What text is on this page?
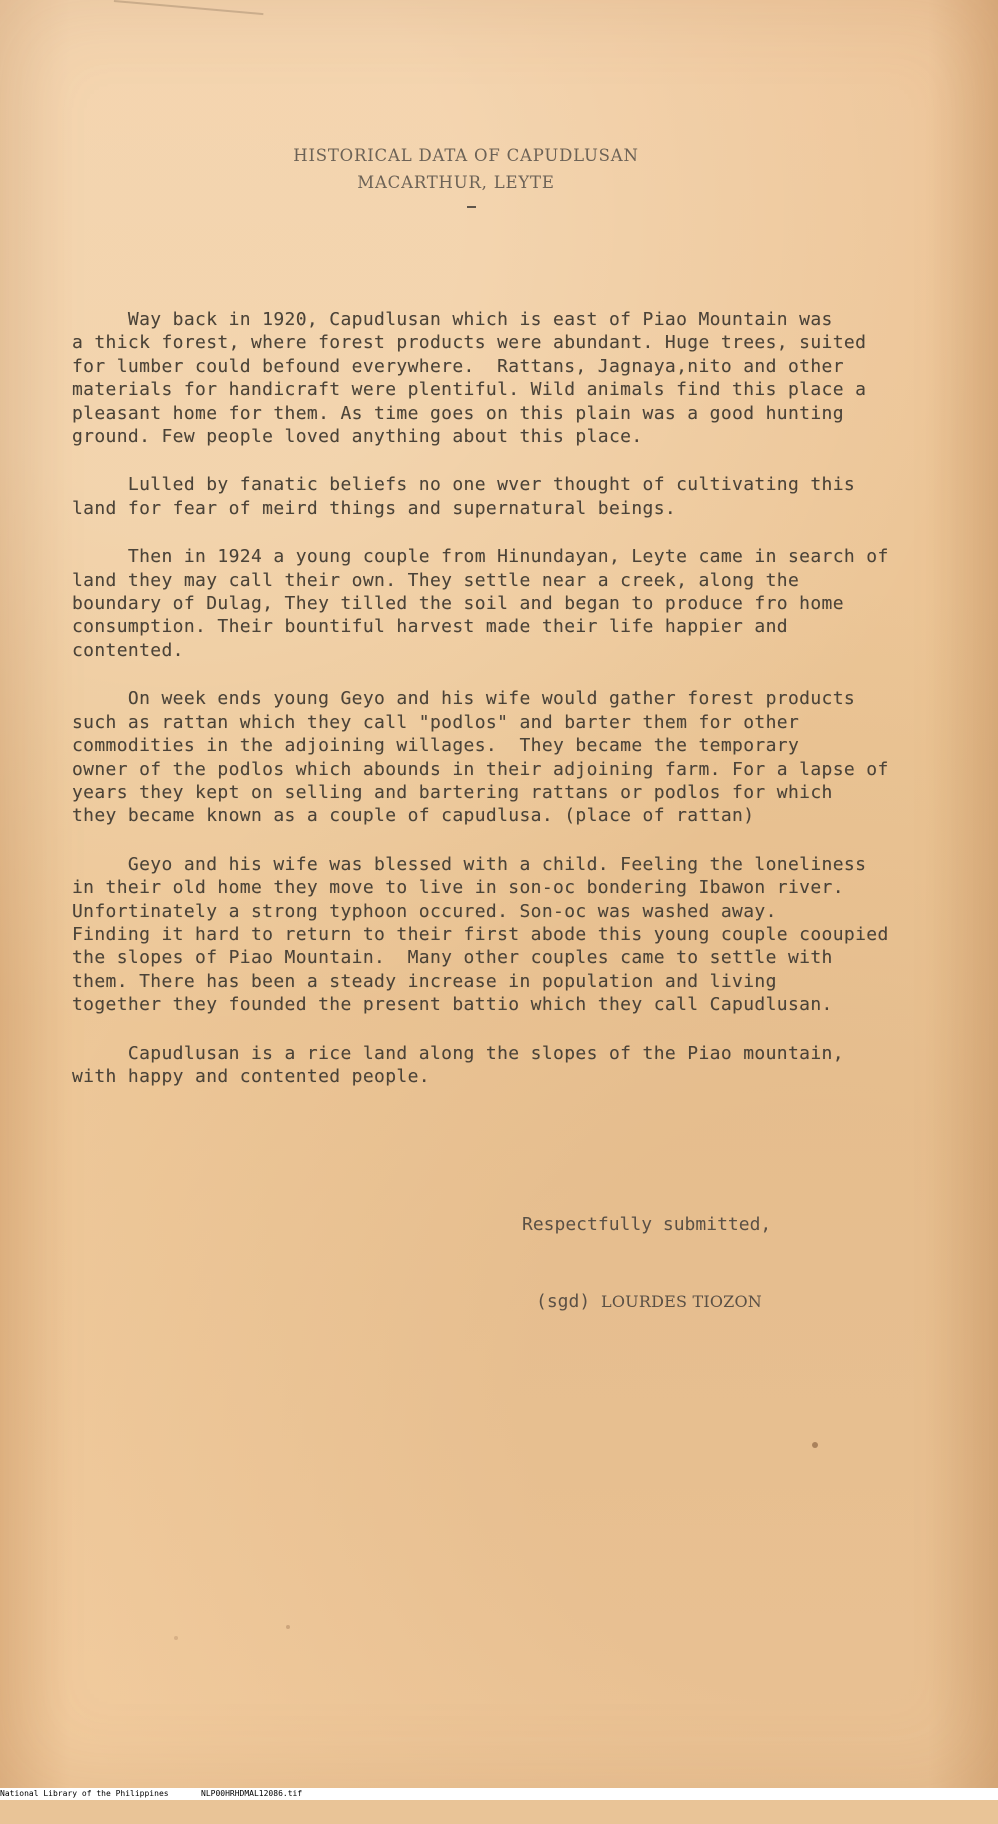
HISTORICAL DATA OF CAPUDLUSAN
MACARTHUR, LEYTE
Way back in 1920, Capudlusan which is east of Piao Mountain was
a thick forest, where forest products were abundant. Huge trees, suited
for lumber could befound everywhere.  Rattans, Jagnaya,nito and other
materials for handicraft were plentiful. Wild animals find this place a
pleasant home for them. As time goes on this plain was a good hunting
ground. Few people loved anything about this place.
Lulled by fanatic beliefs no one wver thought of cultivating this
land for fear of meird things and supernatural beings.
Then in 1924 a young couple from Hinundayan, Leyte came in search of
land they may call their own. They settle near a creek, along the
boundary of Dulag, They tilled the soil and began to produce fro home
consumption. Their bountiful harvest made their life happier and
contented.
On week ends young Geyo and his wife would gather forest products
such as rattan which they call "podlos" and barter them for other
commodities in the adjoining willages.  They became the temporary
owner of the podlos which abounds in their adjoining farm. For a lapse of
years they kept on selling and bartering rattans or podlos for which
they became known as a couple of capudlusa. (place of rattan)
Geyo and his wife was blessed with a child. Feeling the loneliness
in their old home they move to live in son-oc bondering Ibawon river.
Unfortinately a strong typhoon occured. Son-oc was washed away.
Finding it hard to return to their first abode this young couple cooupied
the slopes of Piao Mountain.  Many other couples came to settle with
them. There has been a steady increase in population and living
together they founded the present battio which they call Capudlusan.
Capudlusan is a rice land along the slopes of the Piao mountain,
with happy and contented people.
Respectfully submitted,
(sgd) LOURDES TIOZON

National Library of the Philippines

	NLP00HRHDMAL12086.tif
